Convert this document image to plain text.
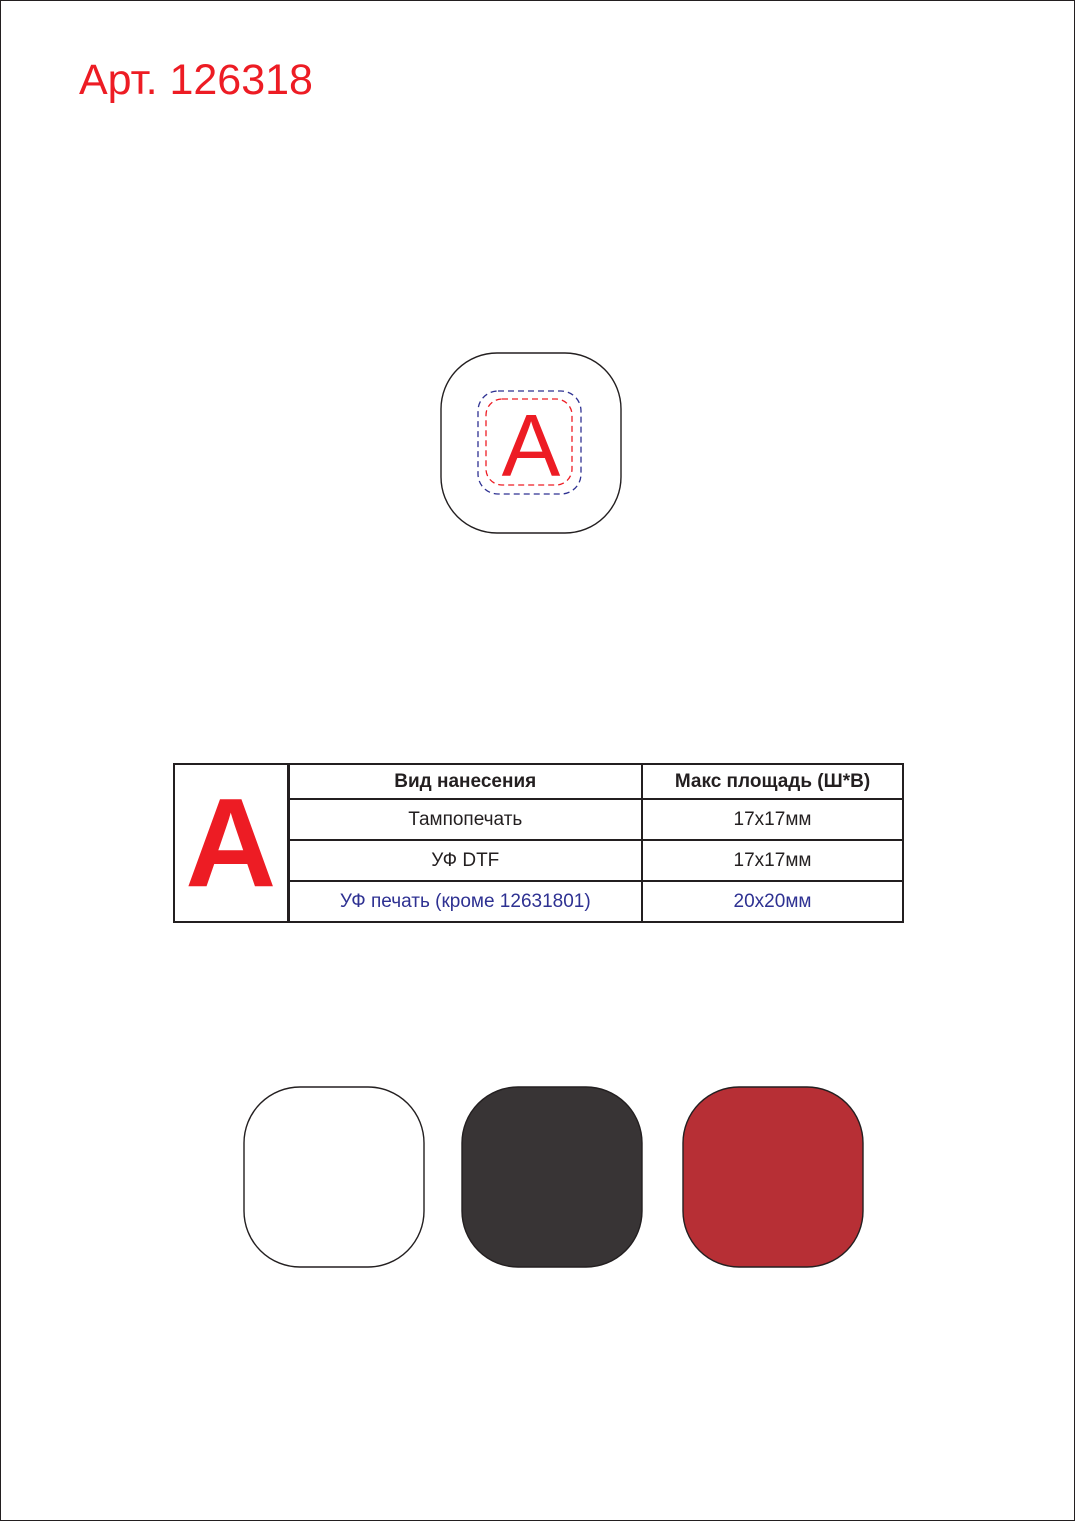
Арт. 126318
A
A	Вид нанесения	Макс площадь (Ш*В)
	Тампопечать	17x17мм
	УФ DTF	17x17мм
	УФ печать (кроме 12631801)	20x20мм
